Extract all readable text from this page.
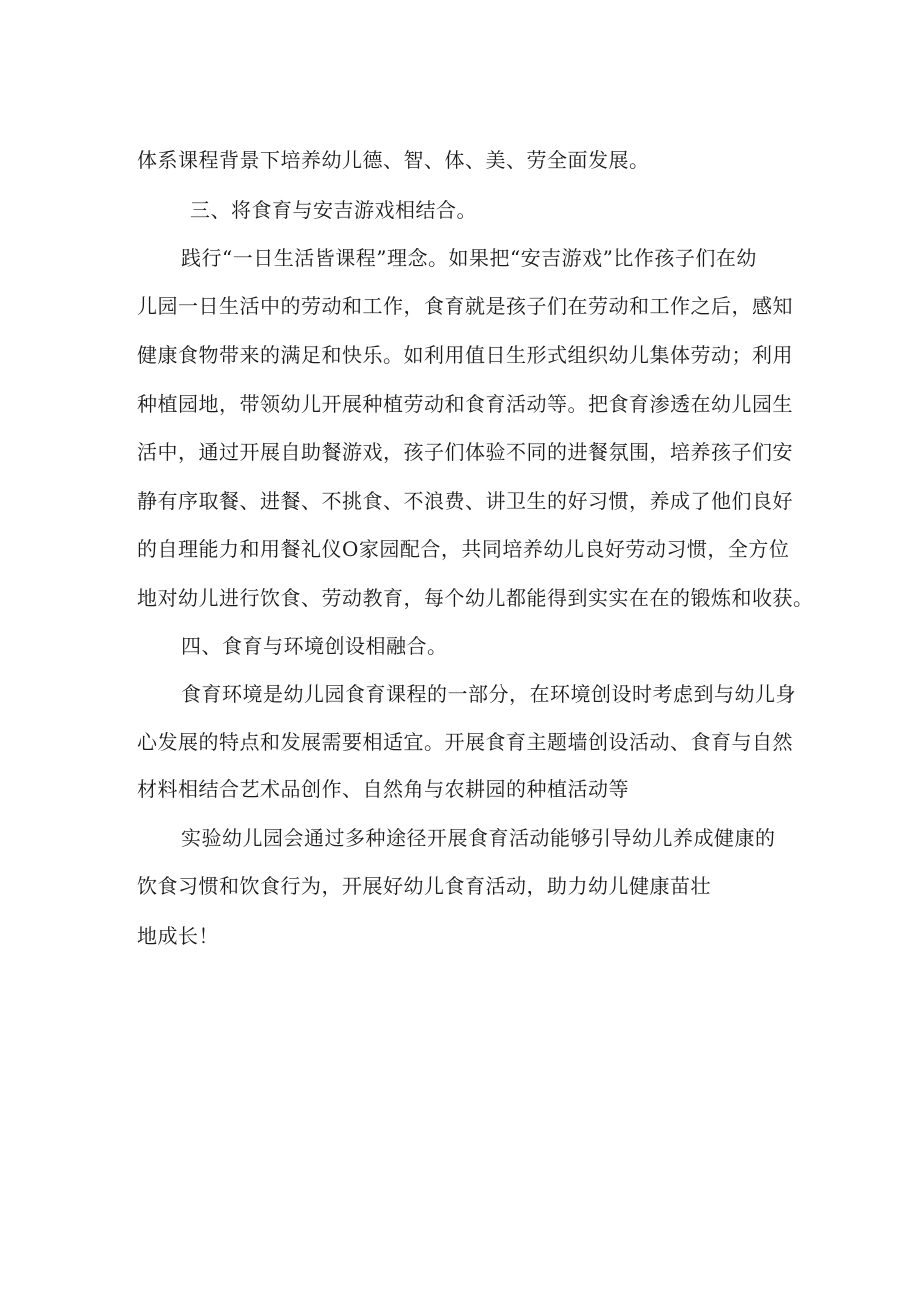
体系课程背景下培养幼儿德、智、体、美、劳全面发展。
三、将食育与安吉游戏相结合。
践行“一日生活皆课程”理念。如果把“安吉游戏”比作孩子们在幼
儿园一日生活中的劳动和工作，食育就是孩子们在劳动和工作之后，感知
健康食物带来的满足和快乐。如利用值日生形式组织幼儿集体劳动；利用
种植园地，带领幼儿开展种植劳动和食育活动等。把食育渗透在幼儿园生
活中，通过开展自助餐游戏，孩子们体验不同的进餐氛围，培养孩子们安
静有序取餐、进餐、不挑食、不浪费、讲卫生的好习惯，养成了他们良好
的自理能力和用餐礼仪O家园配合，共同培养幼儿良好劳动习惯，全方位
地对幼儿进行饮食、劳动教育，每个幼儿都能得到实实在在的锻炼和收获。
四、食育与环境创设相融合。
食育环境是幼儿园食育课程的一部分，在环境创设时考虑到与幼儿身
心发展的特点和发展需要相适宜。开展食育主题墙创设活动、食育与自然
材料相结合艺术品创作、自然角与农耕园的种植活动等
实验幼儿园会通过多种途径开展食育活动能够引导幼儿养成健康的
饮食习惯和饮食行为，开展好幼儿食育活动，助力幼儿健康苗壮
地成长！
